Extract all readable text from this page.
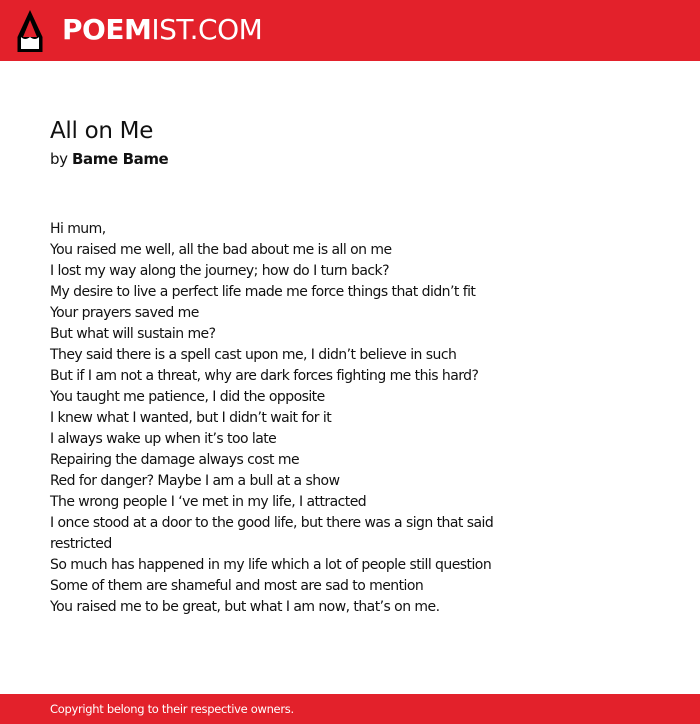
POEMIST.COM
All on Me
by Bame Bame
Hi mum,
You raised me well, all the bad about me is all on me
I lost my way along the journey; how do I turn back?
My desire to live a perfect life made me force things that didn’t fit
Your prayers saved me
But what will sustain me?
They said there is a spell cast upon me, I didn’t believe in such
But if I am not a threat, why are dark forces fighting me this hard?
You taught me patience, I did the opposite
I knew what I wanted, but I didn’t wait for it
I always wake up when it’s too late
Repairing the damage always cost me
Red for danger? Maybe I am a bull at a show
The wrong people I ‘ve met in my life, I attracted
I once stood at a door to the good life, but there was a sign that said
restricted
So much has happened in my life which a lot of people still question
Some of them are shameful and most are sad to mention
You raised me to be great, but what I am now, that’s on me.
Copyright belong to their respective owners.
